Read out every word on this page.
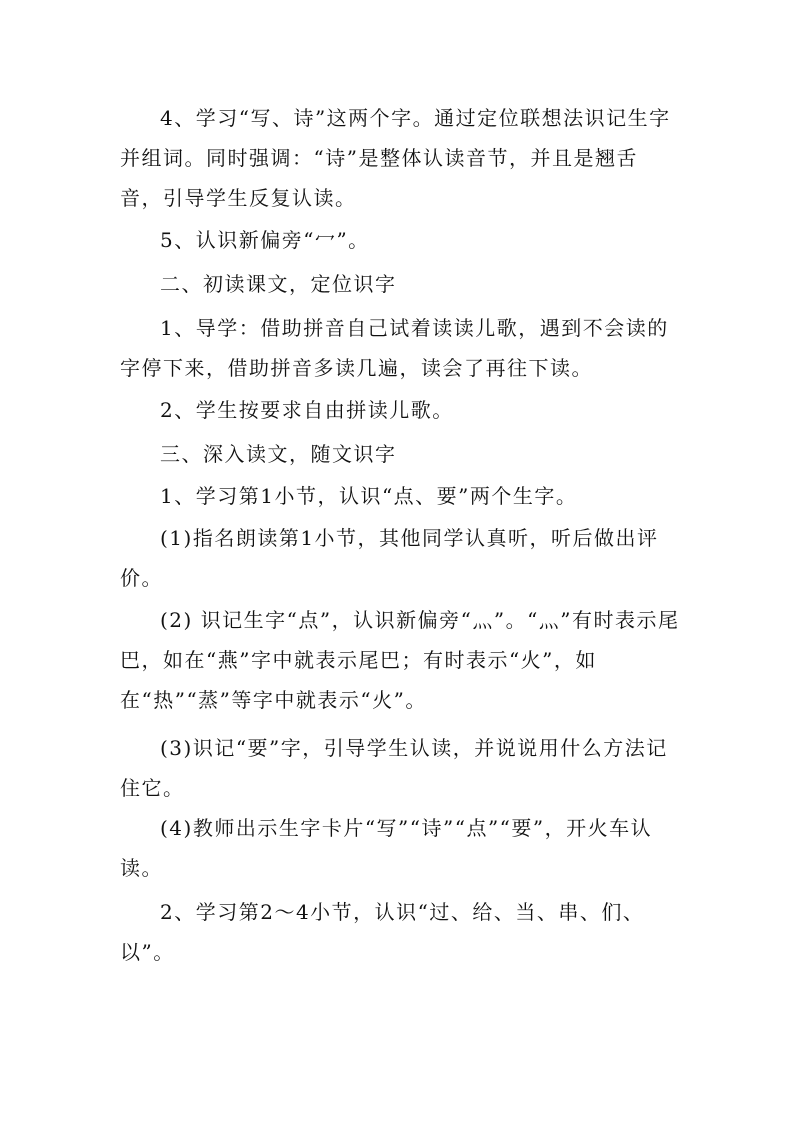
4、学习“写、诗”这两个字。通过定位联想法识记生字并组词。同时强调：“诗”是整体认读音节，并且是翘舌音，引导学生反复认读。

5、认识新偏旁“冖”。

二、初读课文，定位识字

1、导学：借助拼音自己试着读读儿歌，遇到不会读的字停下来，借助拼音多读几遍，读会了再往下读。

2、学生按要求自由拼读儿歌。

三、深入读文，随文识字

1、学习第1小节，认识“点、要”两个生字。

(1)指名朗读第1小节，其他同学认真听，听后做出评价。

(2) 识记生字“点”，认识新偏旁“灬”。“灬”有时表示尾巴，如在“燕”字中就表示尾巴；有时表示“火”，如在“热”“蒸”等字中就表示“火”。

(3)识记“要”字，引导学生认读，并说说用什么方法记住它。

(4)教师出示生字卡片“写”“诗”“点”“要”，开火车认读。

2、学习第2～4小节，认识“过、给、当、串、们、以”。
